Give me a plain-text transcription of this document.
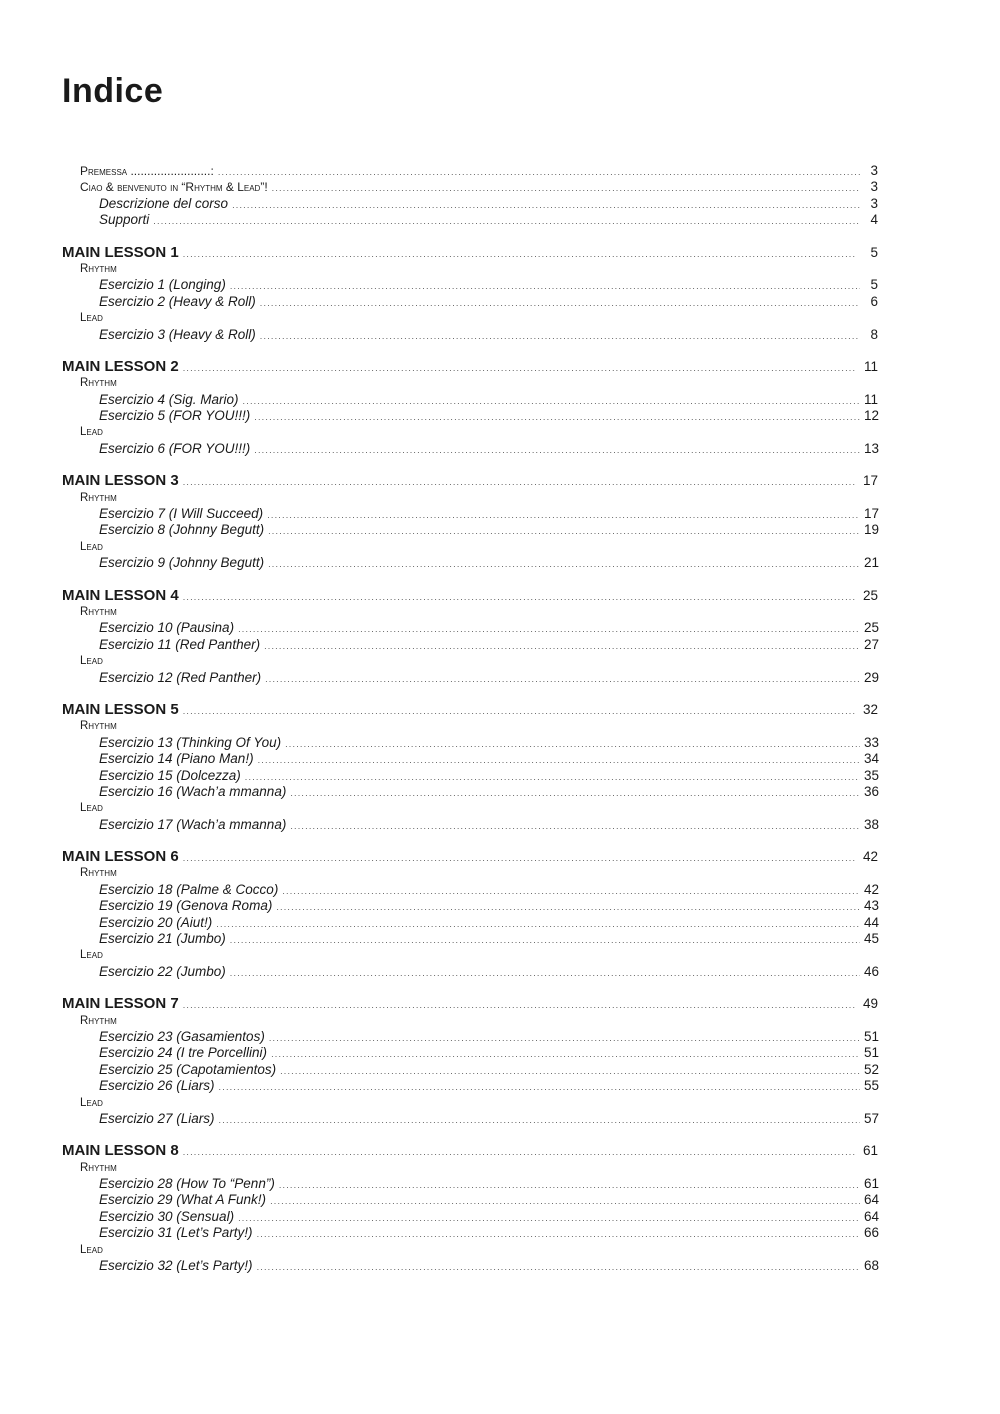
Indice
Premessa ........................: .....	3
Ciao & benvenuto in “Rhythm & Lead”! .....	3
Descrizione del corso .....	3
Supporti .....	4
MAIN LESSON 1 .....	5
Rhythm
Esercizio 1 (Longing) .....	5
Esercizio 2 (Heavy & Roll) .....	6
Lead
Esercizio 3 (Heavy & Roll) .....	8
MAIN LESSON 2 .....	11
Rhythm
Esercizio 4 (Sig. Mario) .....	11
Esercizio 5 (FOR YOU!!!) .....	12
Lead
Esercizio 6 (FOR YOU!!!) .....	13
MAIN LESSON 3 .....	17
Rhythm
Esercizio 7 (I Will Succeed) .....	17
Esercizio 8 (Johnny Begutt) .....	19
Lead
Esercizio 9 (Johnny Begutt) .....	21
MAIN LESSON 4 .....	25
Rhythm
Esercizio 10 (Pausina) .....	25
Esercizio 11 (Red Panther) .....	27
Lead
Esercizio 12 (Red Panther) .....	29
MAIN LESSON 5 .....	32
Rhythm
Esercizio 13 (Thinking Of You) .....	33
Esercizio 14 (Piano Man!) .....	34
Esercizio 15 (Dolcezza) .....	35
Esercizio 16 (Wach’a mmanna) .....	36
Lead
Esercizio 17 (Wach’a mmanna) .....	38
MAIN LESSON 6 .....	42
Rhythm
Esercizio 18 (Palme & Cocco) .....	42
Esercizio 19 (Genova Roma) .....	43
Esercizio 20 (Aiut!) .....	44
Esercizio 21 (Jumbo) .....	45
Lead
Esercizio 22 (Jumbo) .....	46
MAIN LESSON 7 .....	49
Rhythm
Esercizio 23 (Gasamientos) .....	51
Esercizio 24 (I tre Porcellini) .....	51
Esercizio 25 (Capotamientos) .....	52
Esercizio 26 (Liars) .....	55
Lead
Esercizio 27 (Liars) .....	57
MAIN LESSON 8 .....	61
Rhythm
Esercizio 28 (How To “Penn”) .....	61
Esercizio 29 (What A Funk!) .....	64
Esercizio 30 (Sensual) .....	64
Esercizio 31 (Let’s Party!) .....	66
Lead
Esercizio 32 (Let’s Party!) .....	68
